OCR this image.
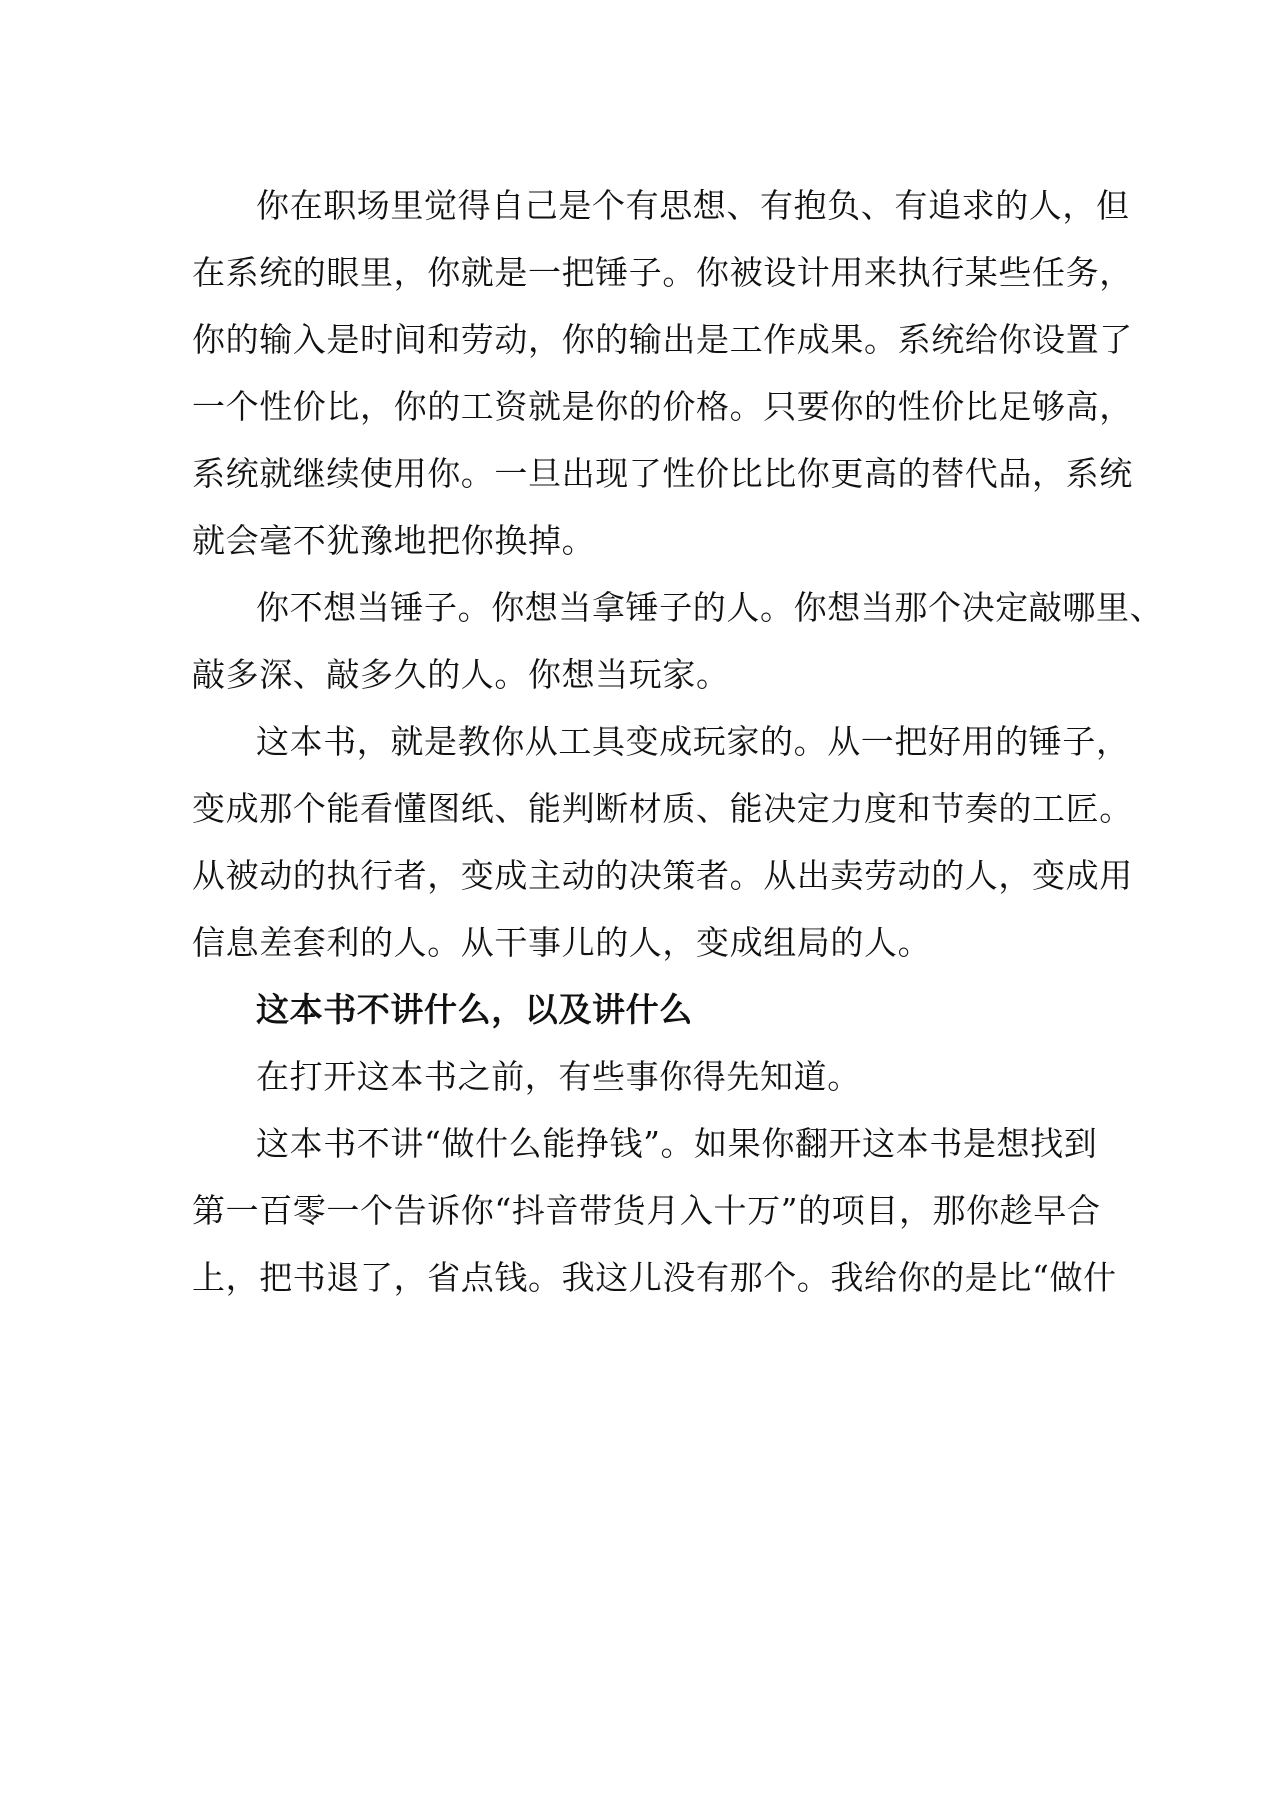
你在职场里觉得自己是个有思想、有抱负、有追求的人，但
在系统的眼里，你就是一把锤子。你被设计用来执行某些任务，
你的输入是时间和劳动，你的输出是工作成果。系统给你设置了
一个性价比，你的工资就是你的价格。只要你的性价比足够高，
系统就继续使用你。一旦出现了性价比比你更高的替代品，系统
就会毫不犹豫地把你换掉。
你不想当锤子。你想当拿锤子的人。你想当那个决定敲哪里、
敲多深、敲多久的人。你想当玩家。
这本书，就是教你从工具变成玩家的。从一把好用的锤子，
变成那个能看懂图纸、能判断材质、能决定力度和节奏的工匠。
从被动的执行者，变成主动的决策者。从出卖劳动的人，变成用
信息差套利的人。从干事儿的人，变成组局的人。
这本书不讲什么，以及讲什么
在打开这本书之前，有些事你得先知道。
这本书不讲“做什么能挣钱”。如果你翻开这本书是想找到
第一百零一个告诉你“抖音带货月入十万”的项目，那你趁早合
上，把书退了，省点钱。我这儿没有那个。我给你的是比“做什
